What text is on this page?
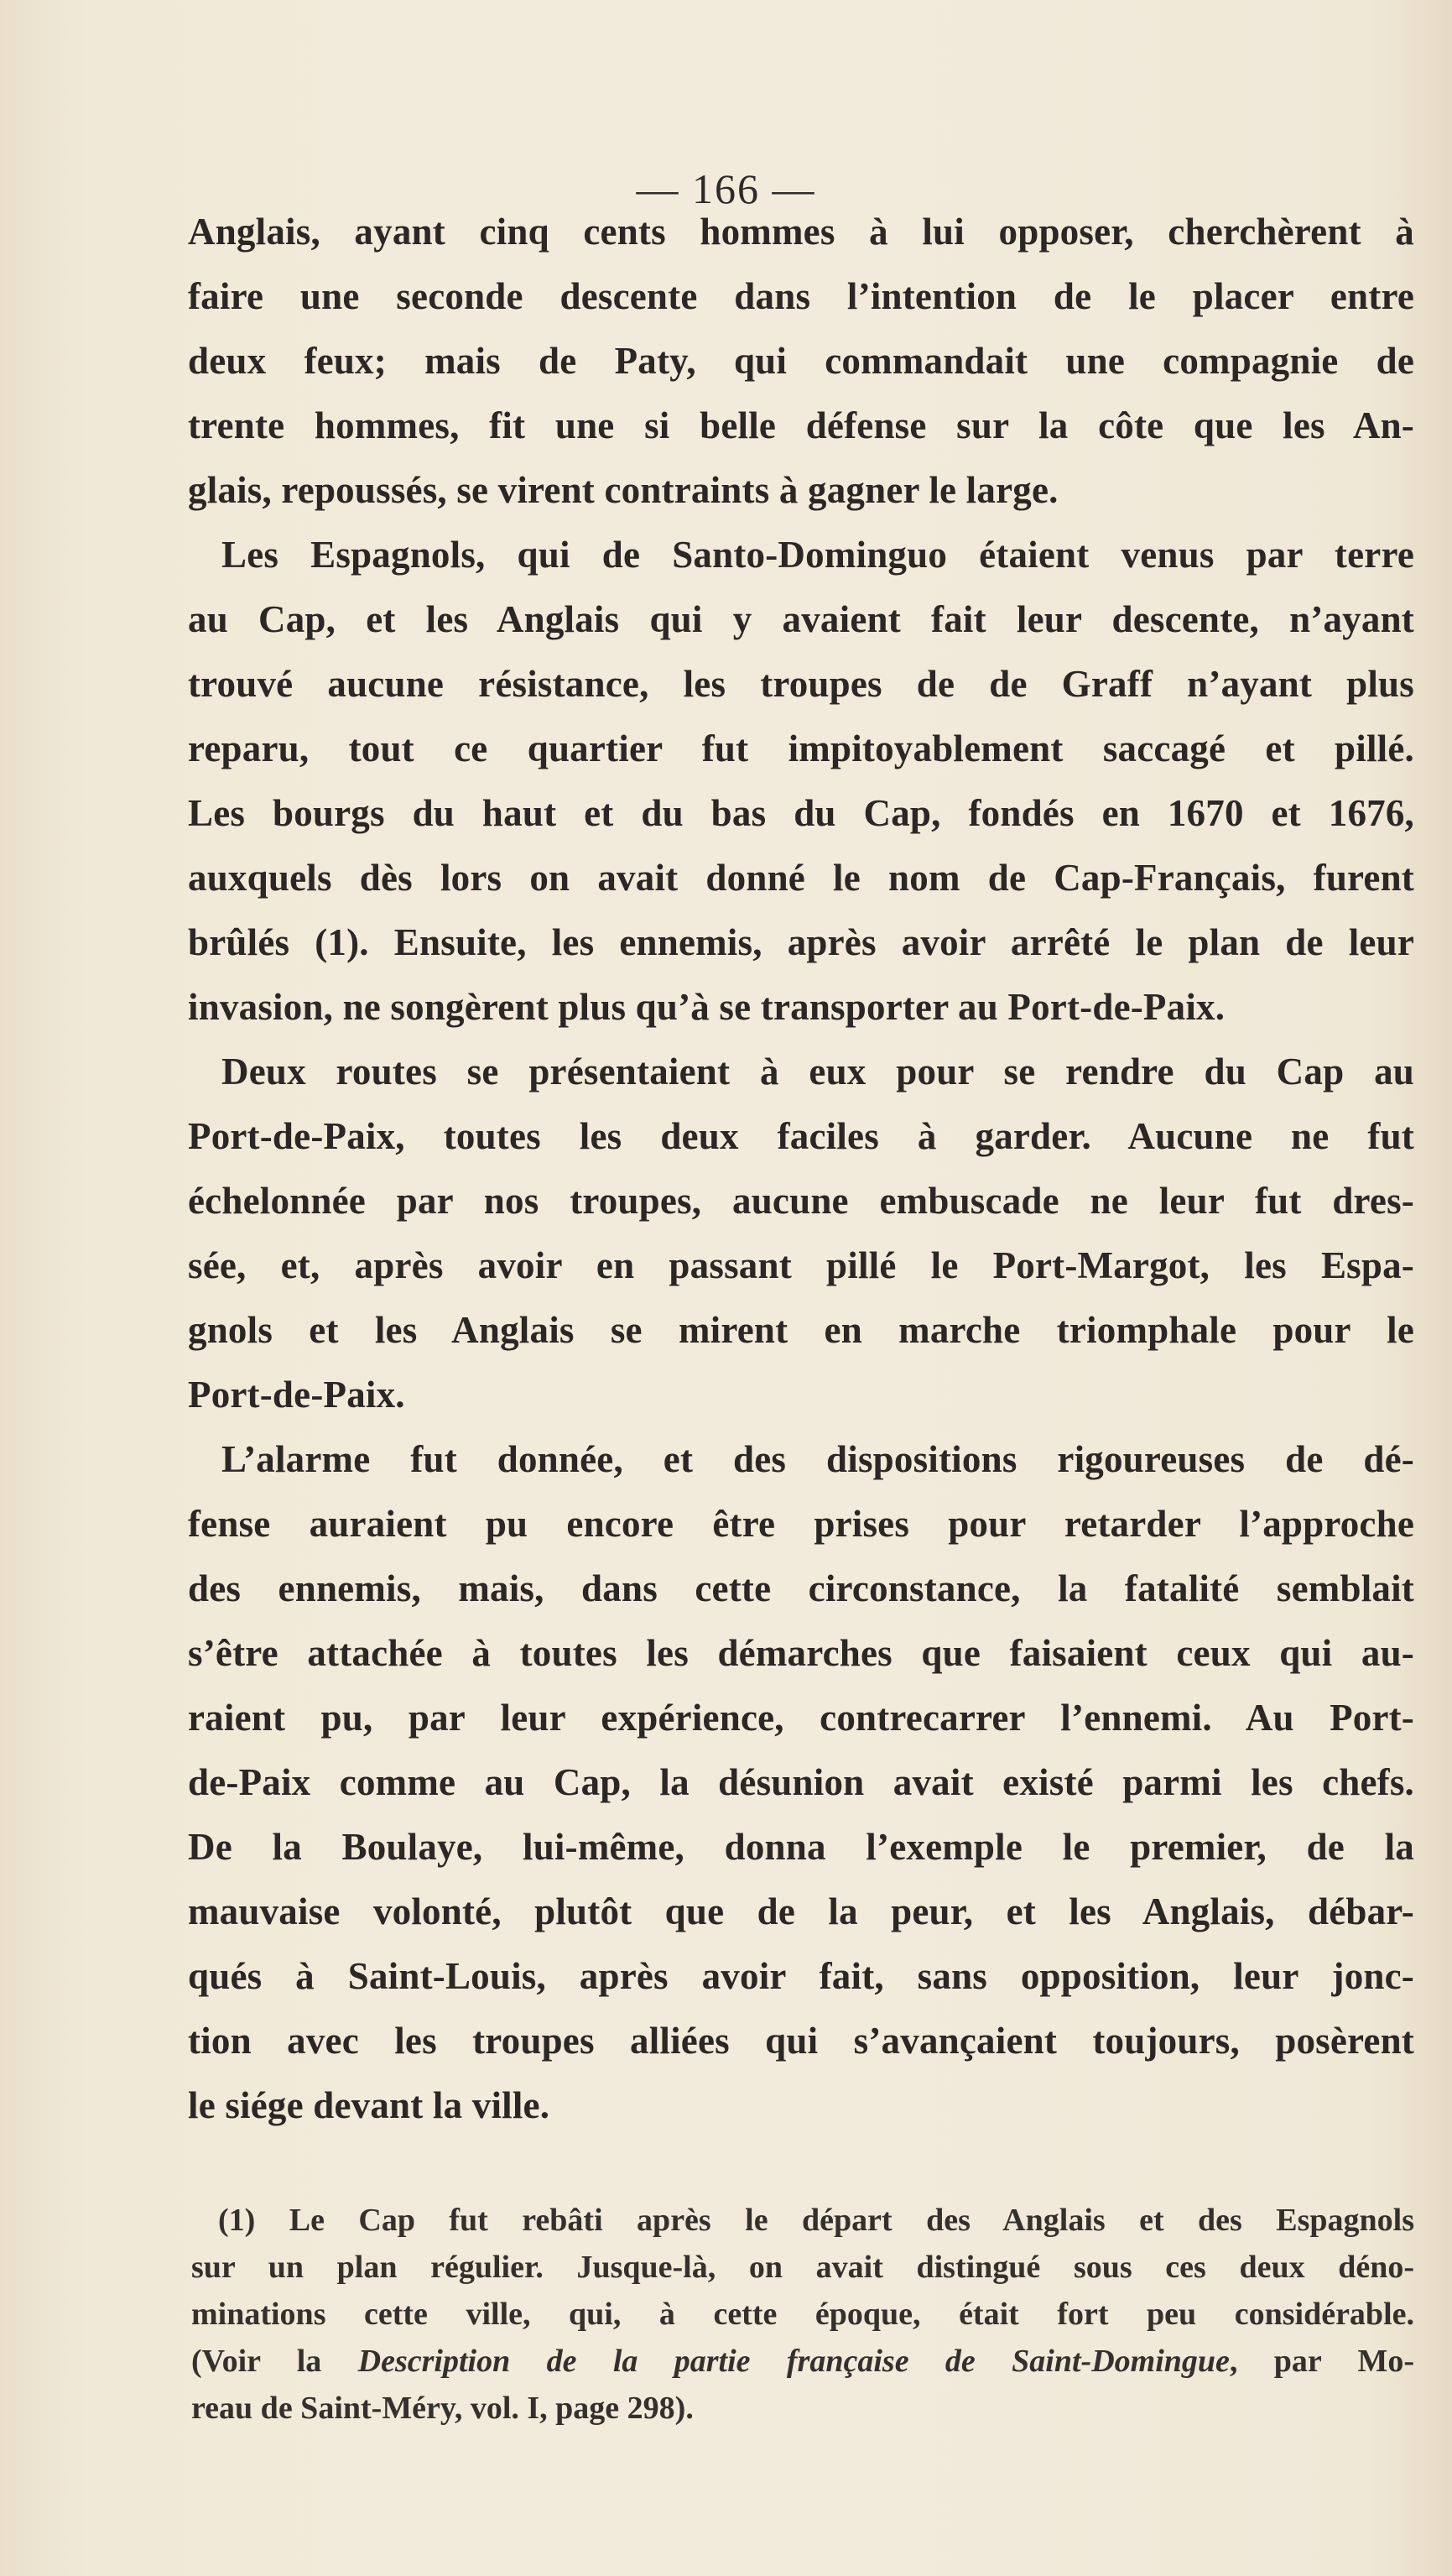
— 166 —
Anglais, ayant cinq cents hommes à lui opposer, cherchèrent à
faire une seconde descente dans l’intention de le placer entre
deux feux; mais de Paty, qui commandait une compagnie de
trente hommes, fit une si belle défense sur la côte que les An-
glais, repoussés, se virent contraints à gagner le large.
Les Espagnols, qui de Santo-Dominguo étaient venus par terre
au Cap, et les Anglais qui y avaient fait leur descente, n’ayant
trouvé aucune résistance, les troupes de de Graff n’ayant plus
reparu, tout ce quartier fut impitoyablement saccagé et pillé.
Les bourgs du haut et du bas du Cap, fondés en 1670 et 1676,
auxquels dès lors on avait donné le nom de Cap-Français, furent
brûlés (1). Ensuite, les ennemis, après avoir arrêté le plan de leur
invasion, ne songèrent plus qu’à se transporter au Port-de-Paix.
Deux routes se présentaient à eux pour se rendre du Cap au
Port-de-Paix, toutes les deux faciles à garder. Aucune ne fut
échelonnée par nos troupes, aucune embuscade ne leur fut dres-
sée, et, après avoir en passant pillé le Port-Margot, les Espa-
gnols et les Anglais se mirent en marche triomphale pour le
Port-de-Paix.
L’alarme fut donnée, et des dispositions rigoureuses de dé-
fense auraient pu encore être prises pour retarder l’approche
des ennemis, mais, dans cette circonstance, la fatalité semblait
s’être attachée à toutes les démarches que faisaient ceux qui au-
raient pu, par leur expérience, contrecarrer l’ennemi. Au Port-
de-Paix comme au Cap, la désunion avait existé parmi les chefs.
De la Boulaye, lui-même, donna l’exemple le premier, de la
mauvaise volonté, plutôt que de la peur, et les Anglais, débar-
qués à Saint-Louis, après avoir fait, sans opposition, leur jonc-
tion avec les troupes alliées qui s’avançaient toujours, posèrent
le siége devant la ville.
(1) Le Cap fut rebâti après le départ des Anglais et des Espagnols
sur un plan régulier. Jusque-là, on avait distingué sous ces deux déno-
minations cette ville, qui, à cette époque, était fort peu considérable.
(Voir la Description de la partie française de Saint-Domingue, par Mo-
reau de Saint-Méry, vol. I, page 298).
